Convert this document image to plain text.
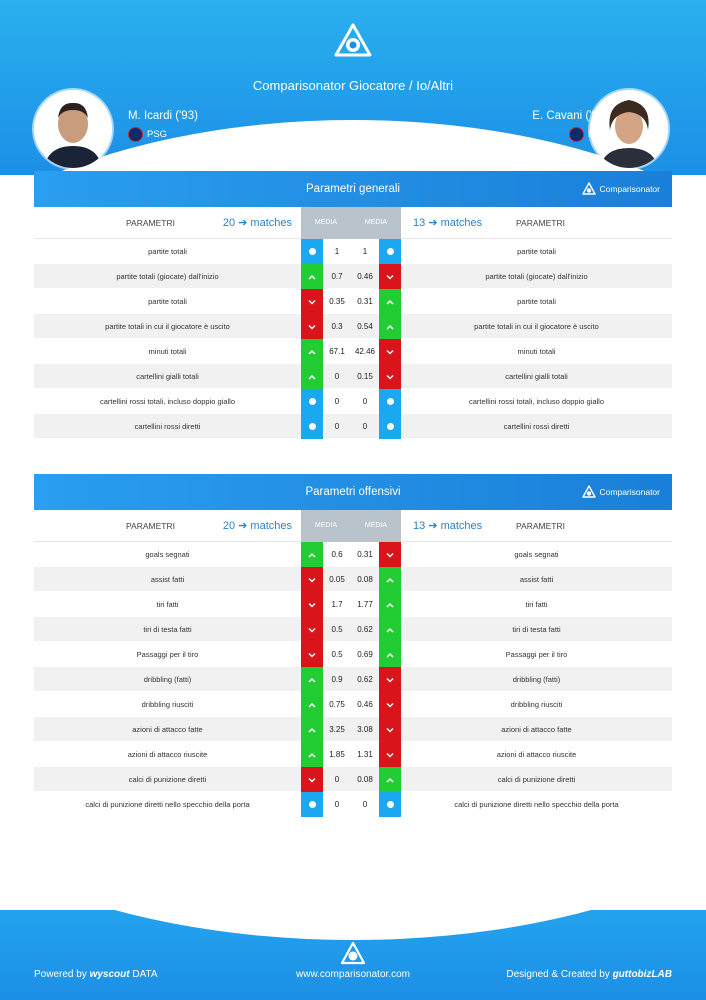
Comparisonator Giocatore / Io/Altri
M. Icardi ('93)
PSG
E. Cavani ('87)
PSG
Parametri generali	Comparisonator
PARAMETRI	20 ➔ matches	MEDIA	MEDIA	13 ➔ matches	PARAMETRI
partite totali	1	1	partite totali
partite totali (giocate) dall'inizio	0.7	0.46	partite totali (giocate) dall'inizio
partite totali	0.35	0.31	partite totali
partite totali in cui il giocatore è uscito	0.3	0.54	partite totali in cui il giocatore è uscito
minuti totali	67.1	42.46	minuti totali
cartellini gialli totali	0	0.15	cartellini gialli totali
cartellini rossi totali, incluso doppio giallo	0	0	cartellini rossi totali, incluso doppio giallo
cartellini rossi diretti	0	0	cartellini rossi diretti
Parametri offensivi	Comparisonator
PARAMETRI	20 ➔ matches	MEDIA	MEDIA	13 ➔ matches	PARAMETRI
goals segnati	0.6	0.31	goals segnati
assist fatti	0.05	0.08	assist fatti
tiri fatti	1.7	1.77	tiri fatti
tiri di testa fatti	0.5	0.62	tiri di testa fatti
Passaggi per il tiro	0.5	0.69	Passaggi per il tiro
dribbling (fatti)	0.9	0.62	dribbling (fatti)
dribbling riusciti	0.75	0.46	dribbling riusciti
azioni di attacco fatte	3.25	3.08	azioni di attacco fatte
azioni di attacco riuscite	1.85	1.31	azioni di attacco riuscite
calci di punizione diretti	0	0.08	calci di punizione diretti
calci di punizione diretti nello specchio della porta	0	0	calci di punizione diretti nello specchio della porta
Powered by wyscout DATA	www.comparisonator.com	Designed & Created by guttobizLAB
